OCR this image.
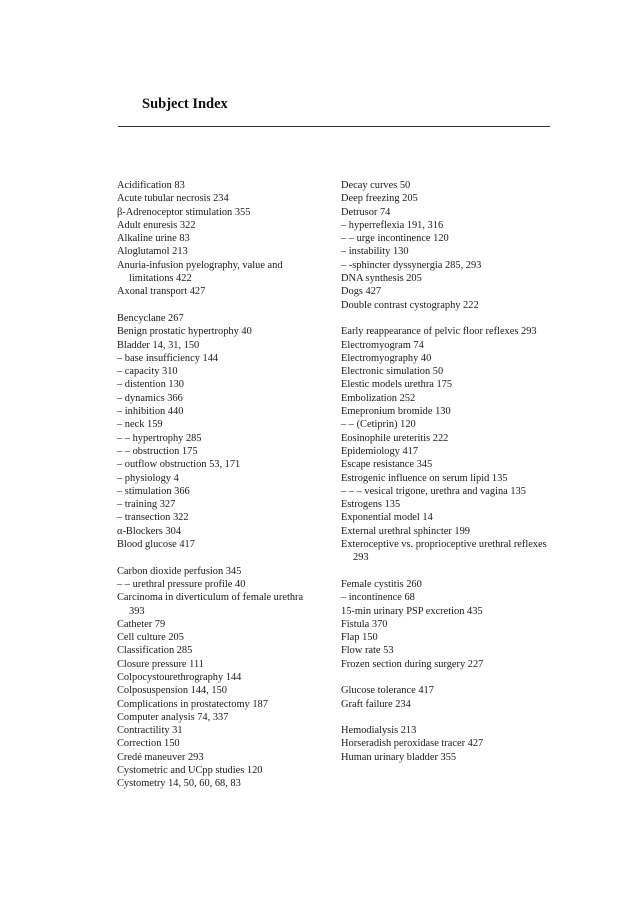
Subject Index
Acidification 83
Acute tubular necrosis 234
β-Adrenoceptor stimulation 355
Adult enuresis 322
Alkaline urine 83
Aloglutamol 213
Anuria-infusion pyelography, value and limitations 422
Axonal transport 427
Bencyclane 267
Benign prostatic hypertrophy 40
Bladder 14, 31, 150
– base insufficiency 144
– capacity 310
– distention 130
– dynamics 366
– inhibition 440
– neck 159
– – hypertrophy 285
– – obstruction 175
– outflow obstruction 53, 171
– physiology 4
– stimulation 366
– training 327
– transection 322
α-Blockers 304
Blood glucose 417
Carbon dioxide perfusion 345
– – urethral pressure profile 40
Carcinoma in diverticulum of female urethra 393
Catheter 79
Cell culture 205
Classification 285
Closure pressure 111
Colpocystourethrography 144
Colposuspension 144, 150
Complications in prostatectomy 187
Computer analysis 74, 337
Contractility 31
Correction 150
Credé maneuver 293
Cystometric and UCpp studies 120
Cystometry 14, 50, 60, 68, 83
Decay curves 50
Deep freezing 205
Detrusor 74
– hyperreflexia 191, 316
– – urge incontinence 120
– instability 130
– -sphincter dyssynergia 285, 293
DNA synthesis 205
Dogs 427
Double contrast cystography 222
Early reappearance of pelvic floor reflexes 293
Electromyogram 74
Electromyography 40
Electronic simulation 50
Elestic models urethra 175
Embolization 252
Emepronium bromide 130
– – (Cetiprin) 120
Eosinophile ureteritis 222
Epidemiology 417
Escape resistance 345
Estrogenic influence on serum lipid 135
– – – vesical trigone, urethra and vagina 135
Estrogens 135
Exponential model 14
External urethral sphincter 199
Exteroceptive vs. proprioceptive urethral reflexes 293
Female cystitis 260
– incontinence 68
15-min urinary PSP excretion 435
Fistula 370
Flap 150
Flow rate 53
Frozen section during surgery 227
Glucose tolerance 417
Graft failure 234
Hemodialysis 213
Horseradish peroxidase tracer 427
Human urinary bladder 355
